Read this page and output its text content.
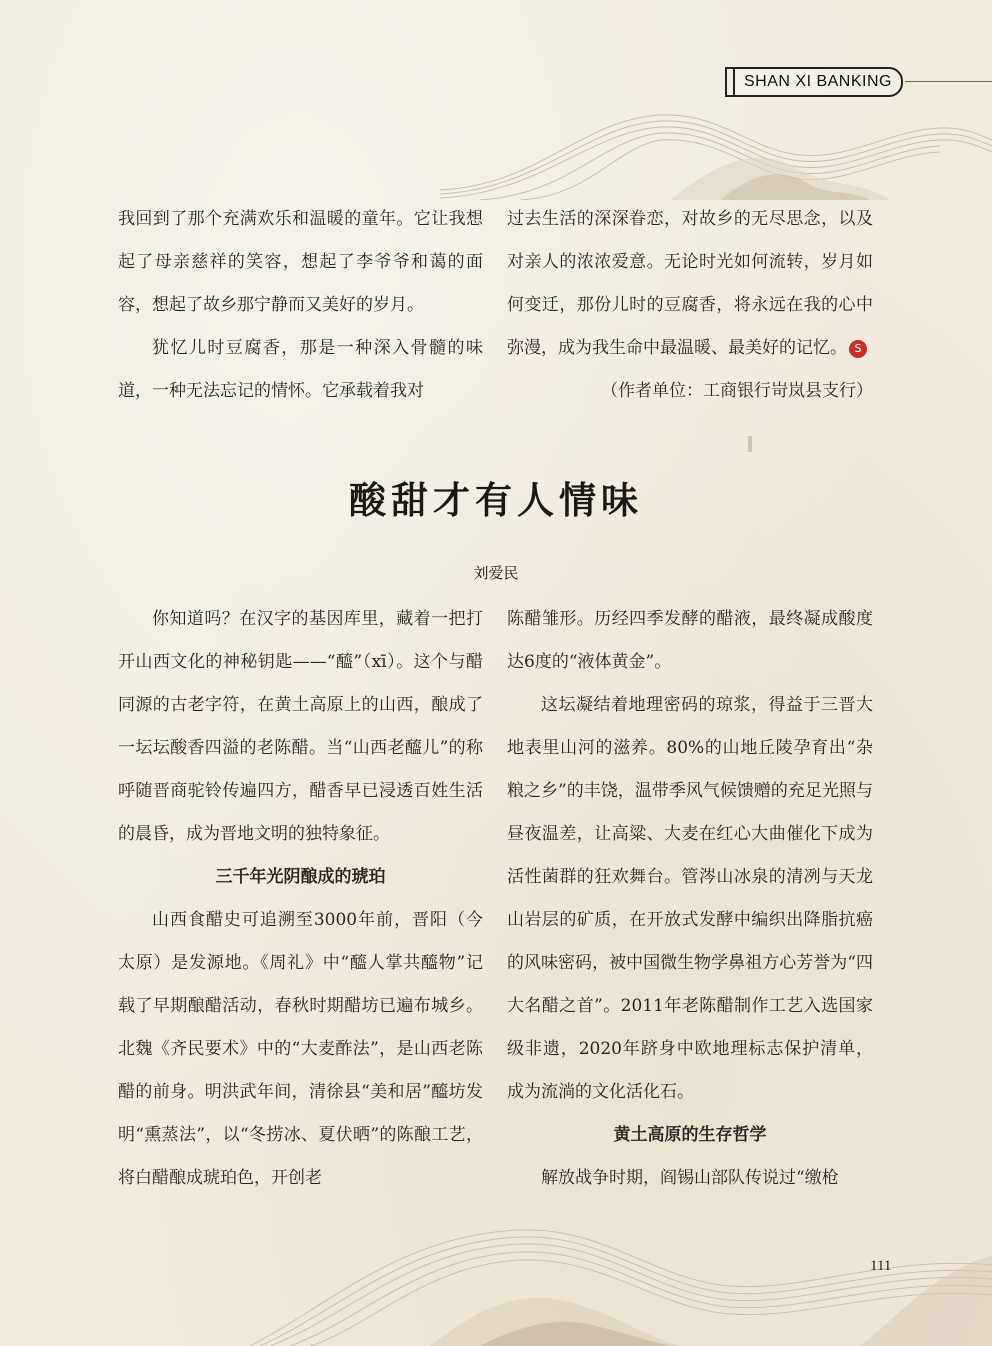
SHAN XI BANKING

我回到了那个充满欢乐和温暖的童年。它让我想起了母亲慈祥的笑容，想起了李爷爷和蔼的面容，想起了故乡那宁静而又美好的岁月。

犹忆儿时豆腐香，那是一种深入骨髓的味道，一种无法忘记的情怀。它承载着我对

过去生活的深深眷恋，对故乡的无尽思念，以及对亲人的浓浓爱意。无论时光如何流转，岁月如何变迁，那份儿时的豆腐香，将永远在我的心中弥漫，成为我生命中最温暖、最美好的记忆。 S
（作者单位：工商银行岢岚县支行）

酸甜才有人情味
刘爱民

你知道吗？在汉字的基因库里，藏着一把打开山西文化的神秘钥匙——“醯”（xī）。这个与醋同源的古老字符，在黄土高原上的山西，酿成了一坛坛酸香四溢的老陈醋。当“山西老醯儿”的称呼随晋商驼铃传遍四方，醋香早已浸透百姓生活的晨昏，成为晋地文明的独特象征。

三千年光阴酿成的琥珀

山西食醋史可追溯至3000年前，晋阳（今太原）是发源地。《周礼》中“醯人掌共醯物”记载了早期酿醋活动，春秋时期醋坊已遍布城乡。北魏《齐民要术》中的“大麦酢法”，是山西老陈醋的前身。明洪武年间，清徐县“美和居”醯坊发明“熏蒸法”，以“冬捞冰、夏伏晒”的陈酿工艺，将白醋酿成琥珀色，开创老

陈醋雏形。历经四季发酵的醋液，最终凝成酸度达6度的“液体黄金”。

这坛凝结着地理密码的琼浆，得益于三晋大地表里山河的滋养。80%的山地丘陵孕育出“杂粮之乡”的丰饶，温带季风气候馈赠的充足光照与昼夜温差，让高粱、大麦在红心大曲催化下成为活性菌群的狂欢舞台。管涔山冰泉的清冽与天龙山岩层的矿质，在开放式发酵中编织出降脂抗癌的风味密码，被中国微生物学鼻祖方心芳誉为“四大名醋之首”。2011年老陈醋制作工艺入选国家级非遗，2020年跻身中欧地理标志保护清单，成为流淌的文化活化石。

黄土高原的生存哲学

解放战争时期，阎锡山部队传说过“缴枪

111
